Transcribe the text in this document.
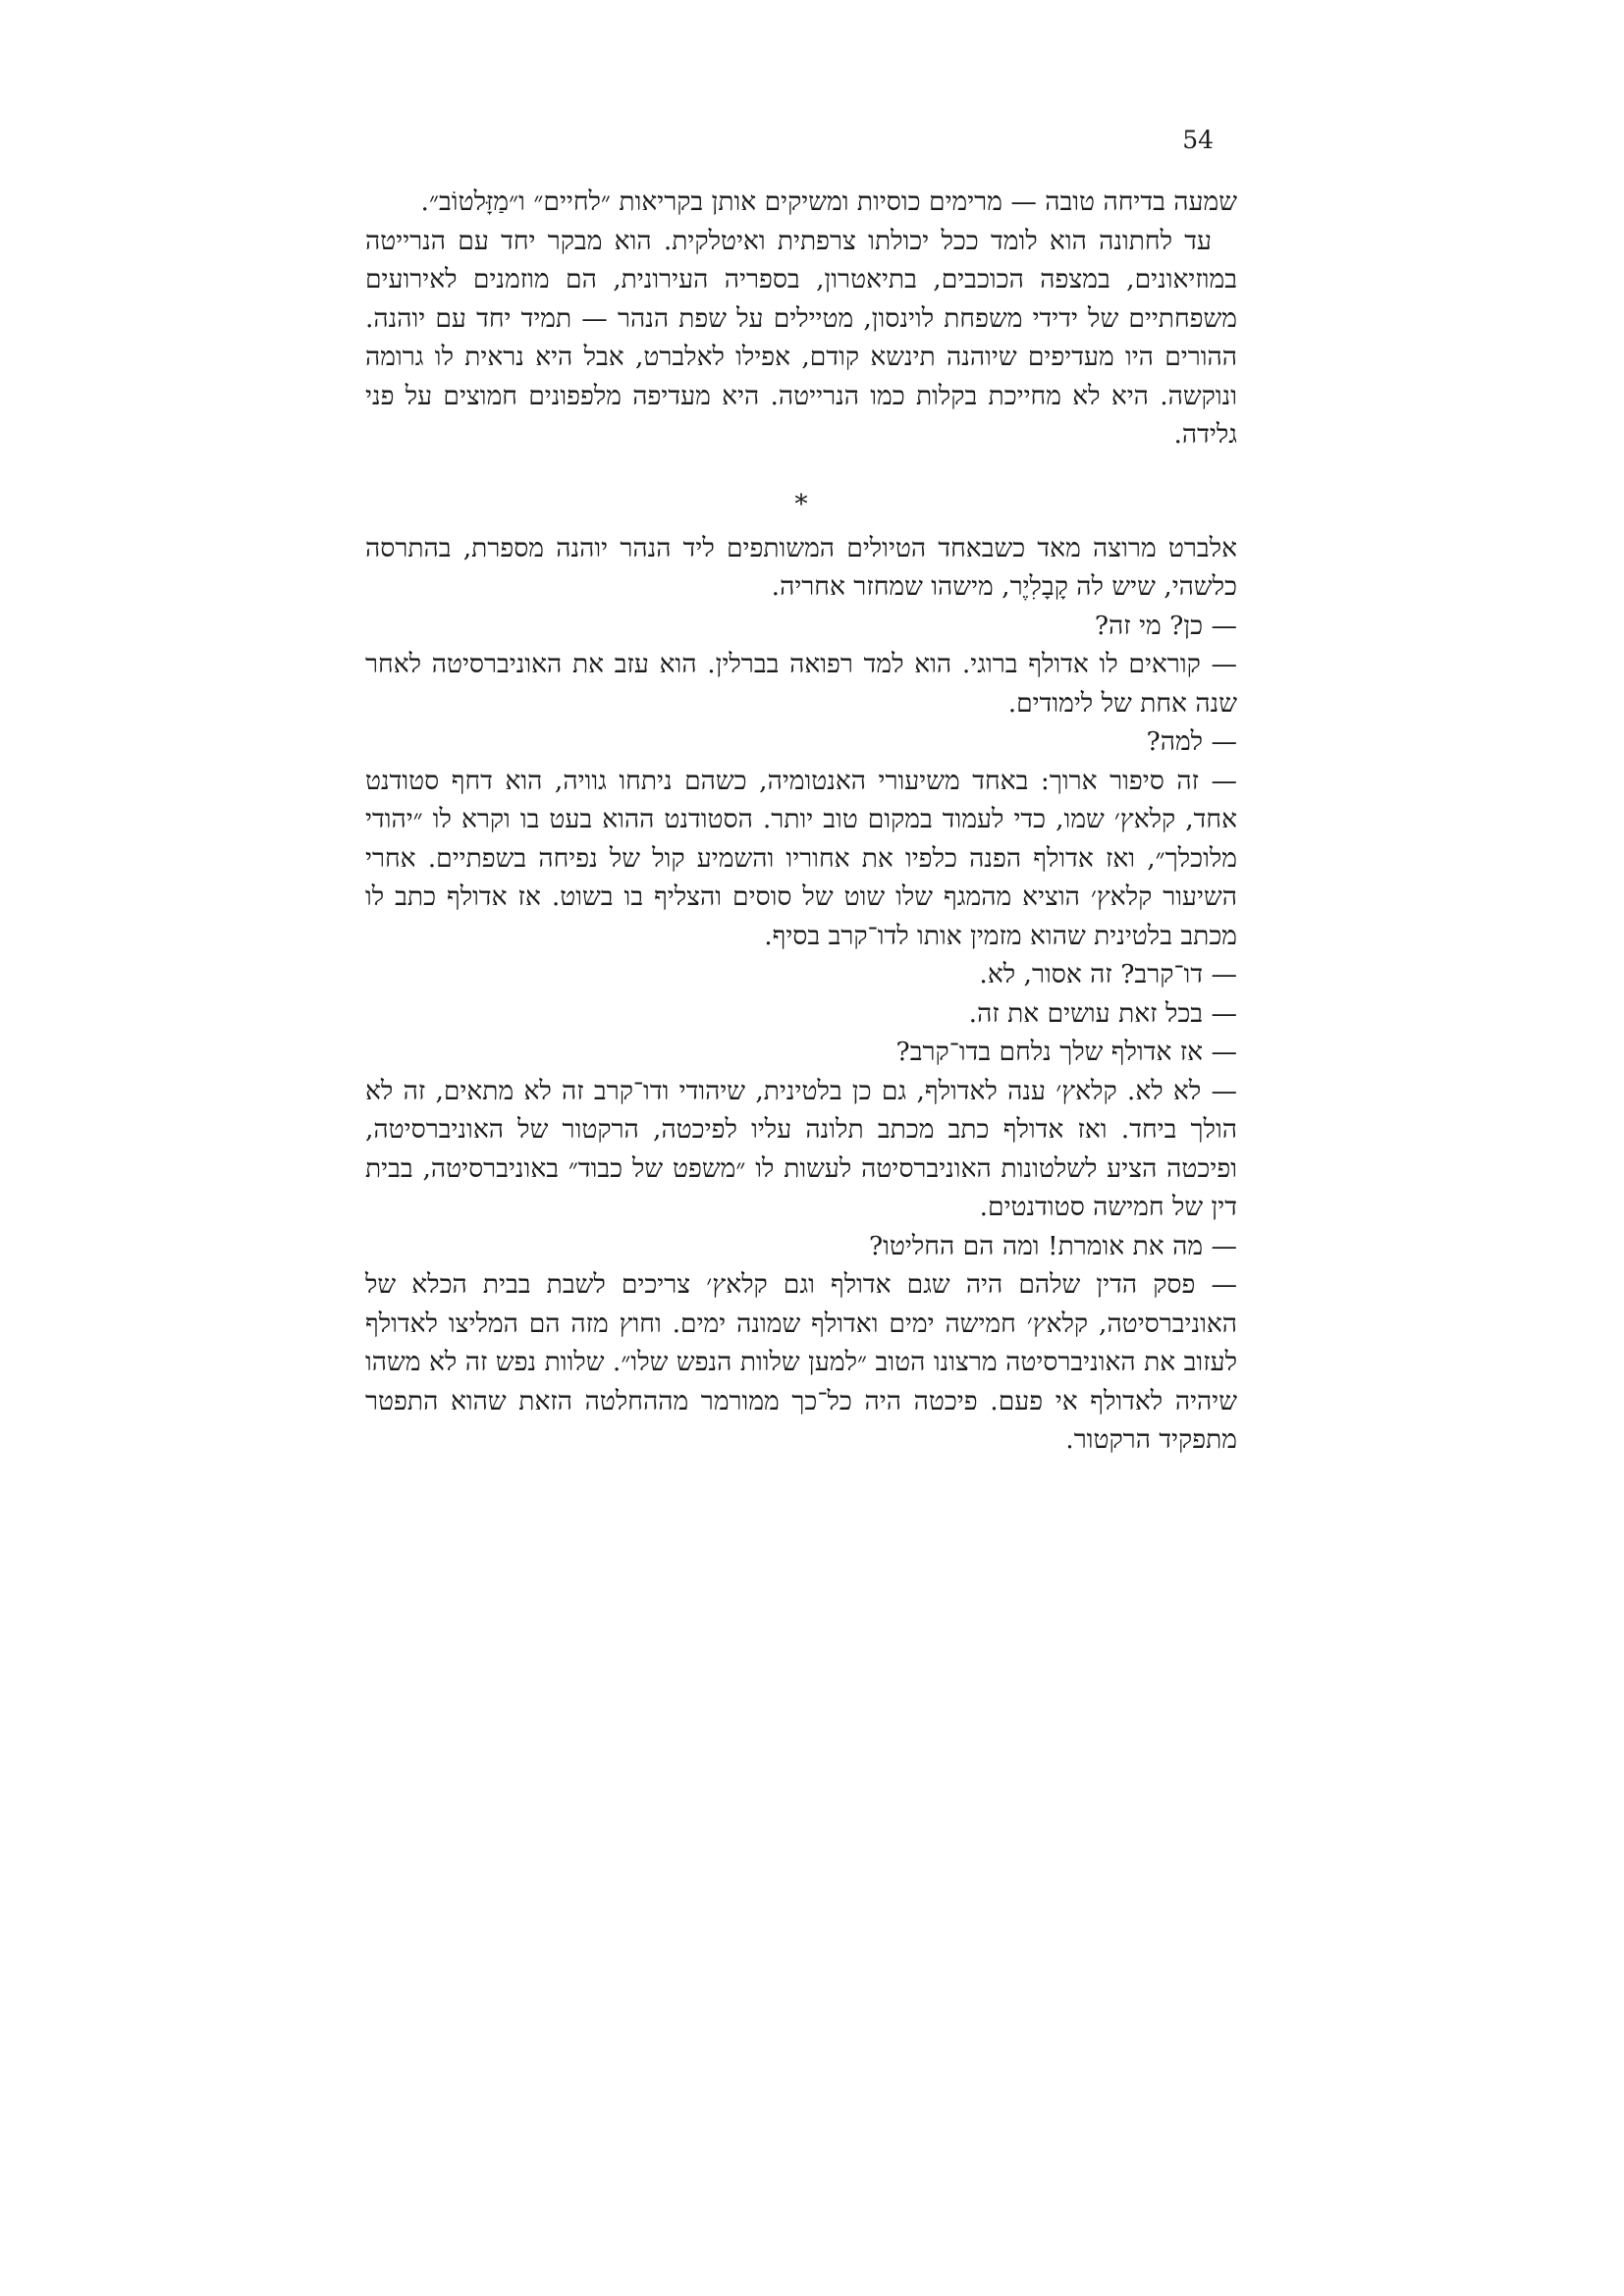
54

שמעה בדיחה טובה — מרימים כוסיות ומשיקים אותן בקריאות ״לחיים״ ו״מַזָּלטוֹב״.

עד לחתונה הוא לומד ככל יכולתו צרפתית ואיטלקית. הוא מבקר יחד עם הנרייטה במוזיאונים, במצפה הכוכבים, בתיאטרון, בספריה העירונית, הם מוזמנים לאירועים משפחתיים של ידידי משפחת לוינסון, מטיילים על שפת הנהר — תמיד יחד עם יוהנה. ההורים היו מעדיפים שיוהנה תינשא קודם, אפילו לאלברט, אבל היא נראית לו גרומה ונוקשה. היא לא מחייכת בקלות כמו הנרייטה. היא מעדיפה מלפפונים חמוצים על פני גלידה.

*

אלברט מרוצה מאד כשבאחד הטיולים המשותפים ליד הנהר יוהנה מספרת, בהתרסה כלשהי, שיש לה קָבָלִיֶר, מישהו שמחזר אחריה.

— כן? מי זה?

— קוראים לו אדולף ברוגי. הוא למד רפואה בברלין. הוא עזב את האוניברסיטה לאחר שנה אחת של לימודים.

— למה?

— זה סיפור ארוך: באחד משיעורי האנטומיה, כשהם ניתחו גוויה, הוא דחף סטודנט אחד, קלאץ׳ שמו, כדי לעמוד במקום טוב יותר. הסטודנט ההוא בעט בו וקרא לו ״יהודי מלוכלך״, ואז אדולף הפנה כלפיו את אחוריו והשמיע קול של נפיחה בשפתיים. אחרי השיעור קלאץ׳ הוציא מהמגף שלו שוט של סוסים והצליף בו בשוט. אז אדולף כתב לו מכתב בלטינית שהוא מזמין אותו לדו־קרב בסיף.

— דו־קרב? זה אסור, לא.

— בכל זאת עושים את זה.

— אז אדולף שלך נלחם בדו־קרב?

— לא לא. קלאץ׳ ענה לאדולף, גם כן בלטינית, שיהודי ודו־קרב זה לא מתאים, זה לא הולך ביחד. ואז אדולף כתב מכתב תלונה עליו לפיכטה, הרקטור של האוניברסיטה, ופיכטה הציע לשלטונות האוניברסיטה לעשות לו ״משפט של כבוד״ באוניברסיטה, בבית דין של חמישה סטודנטים.

— מה את אומרת! ומה הם החליטו?

— פסק הדין שלהם היה שגם אדולף וגם קלאץ׳ צריכים לשבת בבית הכלא של האוניברסיטה, קלאץ׳ חמישה ימים ואדולף שמונה ימים. וחוץ מזה הם המליצו לאדולף לעזוב את האוניברסיטה מרצונו הטוב ״למען שלוות הנפש שלו״. שלוות נפש זה לא משהו שיהיה לאדולף אי פעם. פיכטה היה כל־כך ממורמר מההחלטה הזאת שהוא התפטר מתפקיד הרקטור.
